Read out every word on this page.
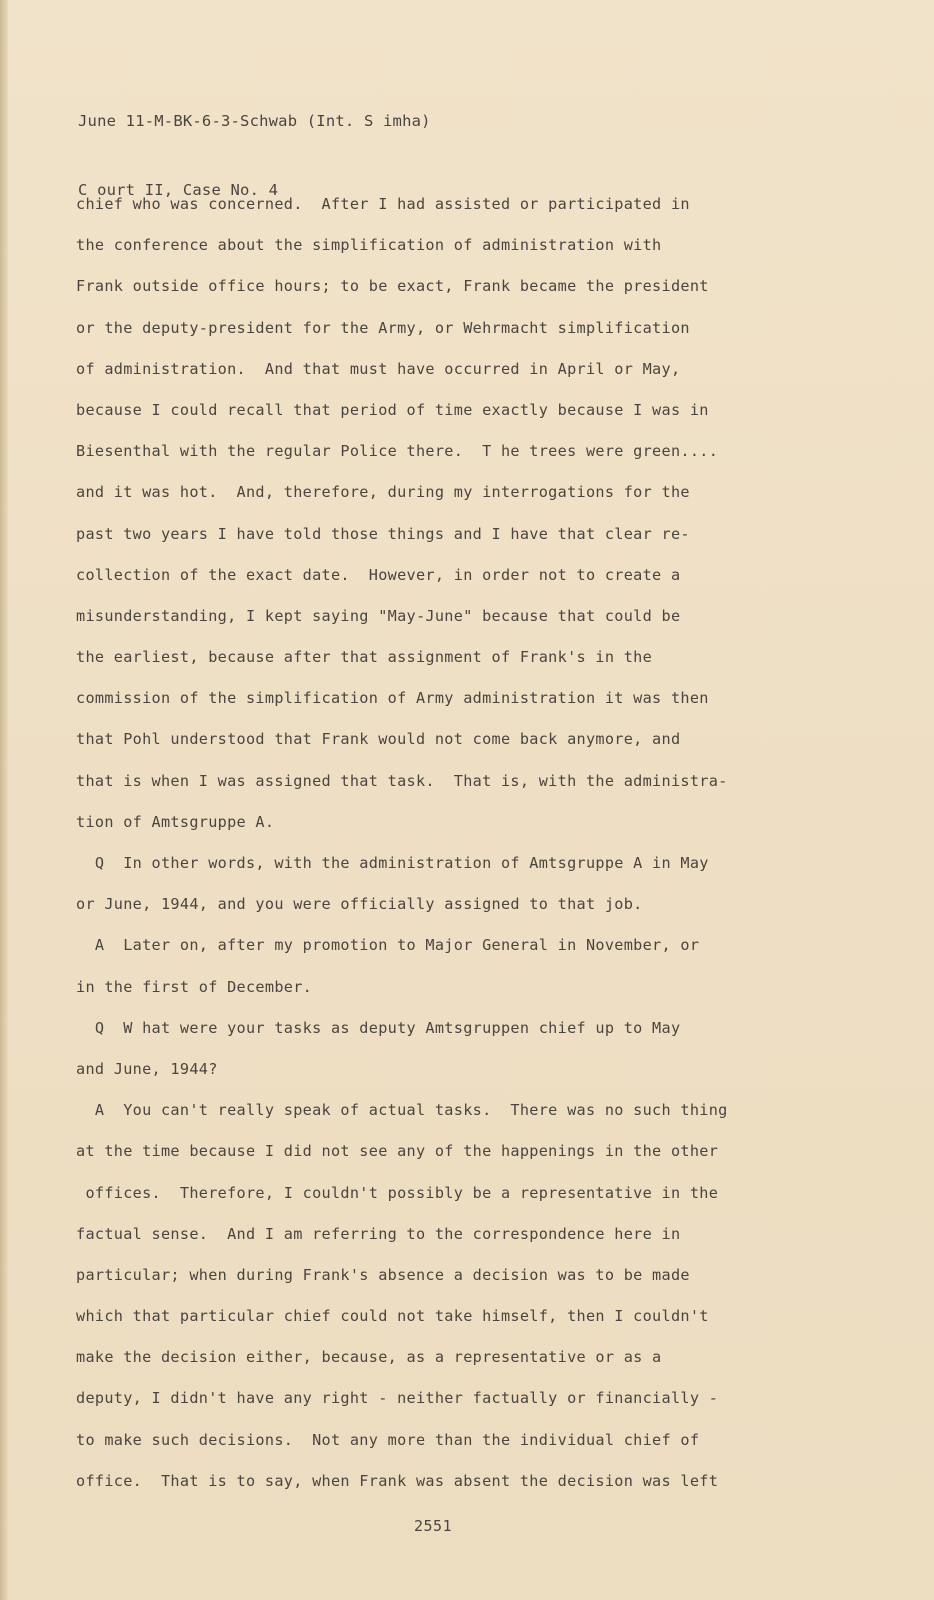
June 11-M-BK-6-3-Schwab (Int. S imha)

C ourt II, Case No. 4

chief who was concerned.  After I had assisted or participated in
the conference about the simplification of administration with
Frank outside office hours; to be exact, Frank became the president
or the deputy-president for the Army, or Wehrmacht simplification
of administration.  And that must have occurred in April or May,
because I could recall that period of time exactly because I was in
Biesenthal with the regular Police there.  T he trees were green....
and it was hot.  And, therefore, during my interrogations for the
past two years I have told those things and I have that clear re-
collection of the exact date.  However, in order not to create a
misunderstanding, I kept saying "May-June" because that could be
the earliest, because after that assignment of Frank's in the
commission of the simplification of Army administration it was then
that Pohl understood that Frank would not come back anymore, and
that is when I was assigned that task.  That is, with the administra-
tion of Amtsgruppe A.
Q  In other words, with the administration of Amtsgruppe A in May
or June, 1944, and you were officially assigned to that job.
A  Later on, after my promotion to Major General in November, or
in the first of December.
Q  W hat were your tasks as deputy Amtsgruppen chief up to May
and June, 1944?
A  You can't really speak of actual tasks.  There was no such thing
at the time because I did not see any of the happenings in the other
offices.  Therefore, I couldn't possibly be a representative in the
factual sense.  And I am referring to the correspondence here in
particular; when during Frank's absence a decision was to be made
which that particular chief could not take himself, then I couldn't
make the decision either, because, as a representative or as a
deputy, I didn't have any right - neither factually or financially -
to make such decisions.  Not any more than the individual chief of
office.  That is to say, when Frank was absent the decision was left
2551
